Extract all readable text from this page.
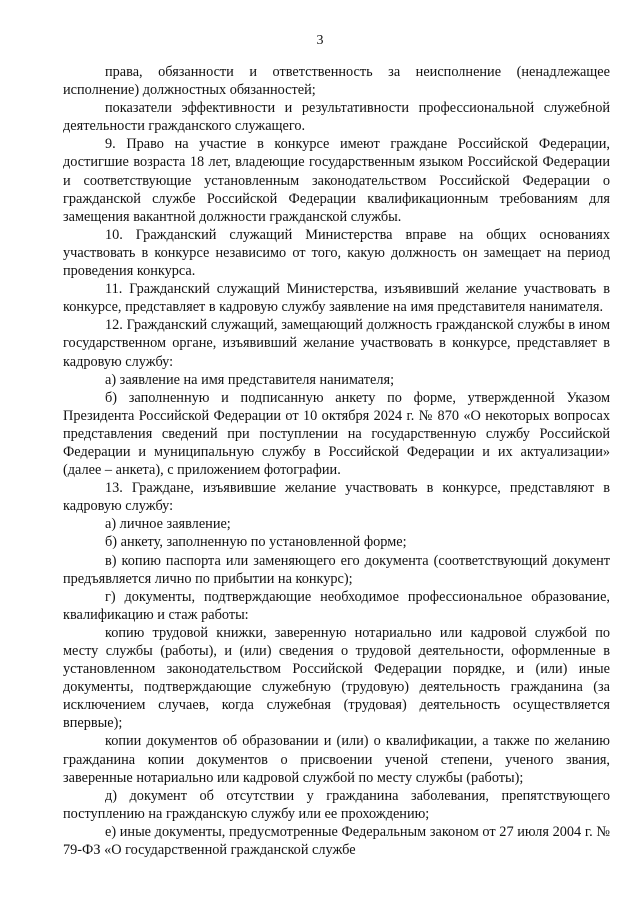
3

права, обязанности и ответственность за неисполнение (ненадлежащее исполнение) должностных обязанностей;

показатели эффективности и результативности профессиональной служебной деятельности гражданского служащего.

9. Право на участие в конкурсе имеют граждане Российской Федерации, достигшие возраста 18 лет, владеющие государственным языком Российской Федерации и соответствующие установленным законодательством Российской Федерации о гражданской службе Российской Федерации квалификационным требованиям для замещения вакантной должности гражданской службы.

10. Гражданский служащий Министерства вправе на общих основаниях участвовать в конкурсе независимо от того, какую должность он замещает на период проведения конкурса.

11. Гражданский служащий Министерства, изъявивший желание участвовать в конкурсе, представляет в кадровую службу заявление на имя представителя нанимателя.

12. Гражданский служащий, замещающий должность гражданской службы в ином государственном органе, изъявивший желание участвовать в конкурсе, представляет в кадровую службу:

а) заявление на имя представителя нанимателя;

б) заполненную и подписанную анкету по форме, утвержденной Указом Президента Российской Федерации от 10 октября 2024 г. № 870 «О некоторых вопросах представления сведений при поступлении на государственную службу Российской Федерации и муниципальную службу в Российской Федерации и их актуализации» (далее – анкета), с приложением фотографии.

13. Граждане, изъявившие желание участвовать в конкурсе, представляют в кадровую службу:

а) личное заявление;

б) анкету, заполненную по установленной форме;

в) копию паспорта или заменяющего его документа (соответствующий документ предъявляется лично по прибытии на конкурс);

г) документы, подтверждающие необходимое профессиональное образование, квалификацию и стаж работы:

копию трудовой книжки, заверенную нотариально или кадровой службой по месту службы (работы), и (или) сведения о трудовой деятельности, оформленные в установленном законодательством Российской Федерации порядке, и (или) иные документы, подтверждающие служебную (трудовую) деятельность гражданина (за исключением случаев, когда служебная (трудовая) деятельность осуществляется впервые);

копии документов об образовании и (или) о квалификации, а также по желанию гражданина копии документов о присвоении ученой степени, ученого звания, заверенные нотариально или кадровой службой по месту службы (работы);

д) документ об отсутствии у гражданина заболевания, препятствующего поступлению на гражданскую службу или ее прохождению;

е) иные документы, предусмотренные Федеральным законом от 27 июля 2004 г. № 79-ФЗ «О государственной гражданской службе
